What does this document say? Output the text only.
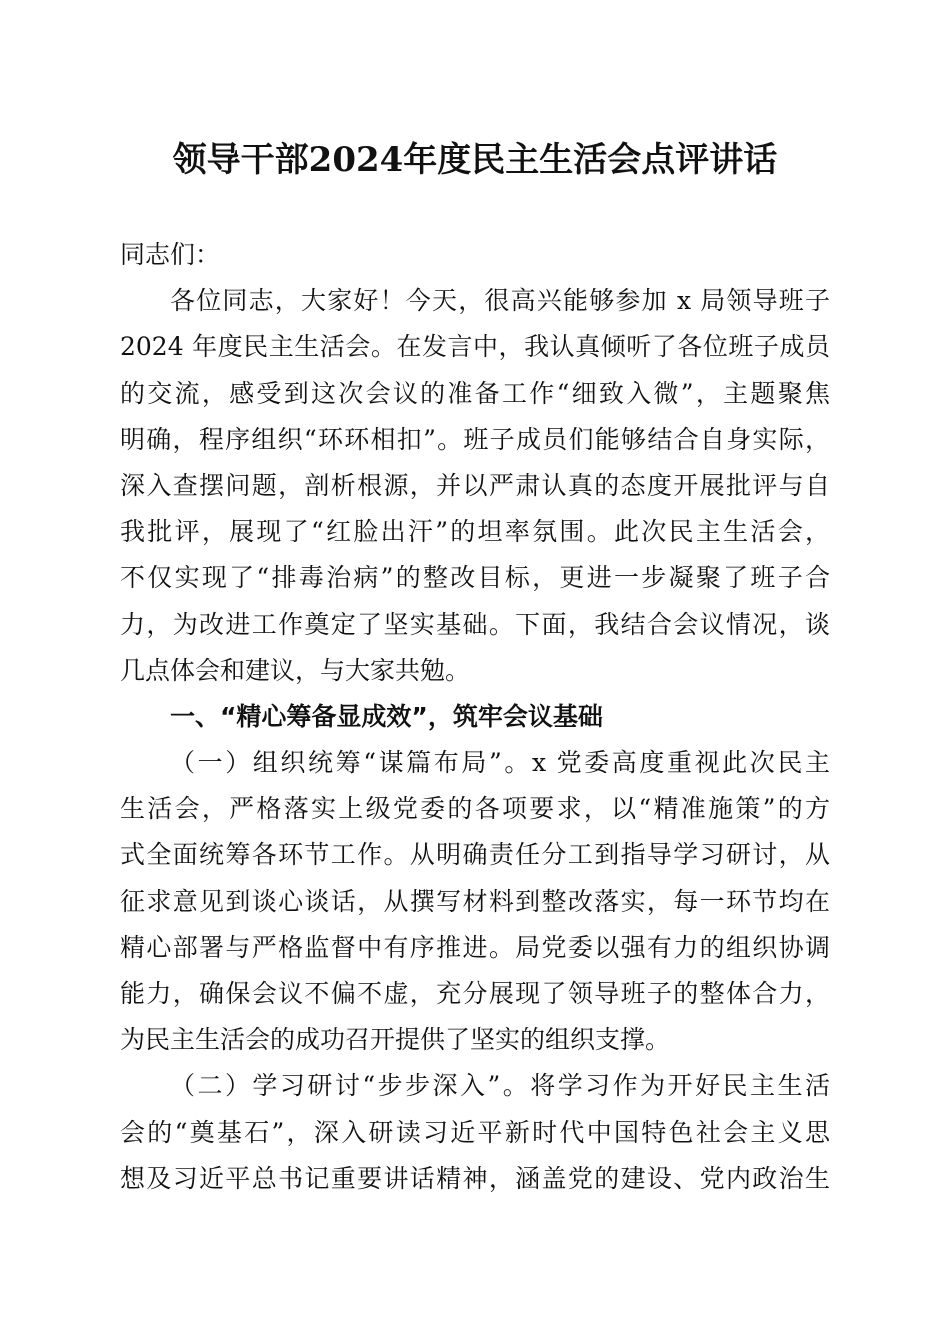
领导干部2024年度民主生活会点评讲话
同志们：
各位同志，大家好！今天，很高兴能够参加 x 局领导班子
2024 年度民主生活会。在发言中，我认真倾听了各位班子成员
的交流，感受到这次会议的准备工作“细致入微”，主题聚焦
明确，程序组织“环环相扣”。班子成员们能够结合自身实际，
深入查摆问题，剖析根源，并以严肃认真的态度开展批评与自
我批评，展现了“红脸出汗”的坦率氛围。此次民主生活会，
不仅实现了“排毒治病”的整改目标，更进一步凝聚了班子合
力，为改进工作奠定了坚实基础。下面，我结合会议情况，谈
几点体会和建议，与大家共勉。
一、“精心筹备显成效”，筑牢会议基础
（一）组织统筹“谋篇布局”。x 党委高度重视此次民主
生活会，严格落实上级党委的各项要求，以“精准施策”的方
式全面统筹各环节工作。从明确责任分工到指导学习研讨，从
征求意见到谈心谈话，从撰写材料到整改落实，每一环节均在
精心部署与严格监督中有序推进。局党委以强有力的组织协调
能力，确保会议不偏不虚，充分展现了领导班子的整体合力，
为民主生活会的成功召开提供了坚实的组织支撑。
（二）学习研讨“步步深入”。将学习作为开好民主生活
会的“奠基石”，深入研读习近平新时代中国特色社会主义思
想及习近平总书记重要讲话精神，涵盖党的建设、党内政治生
